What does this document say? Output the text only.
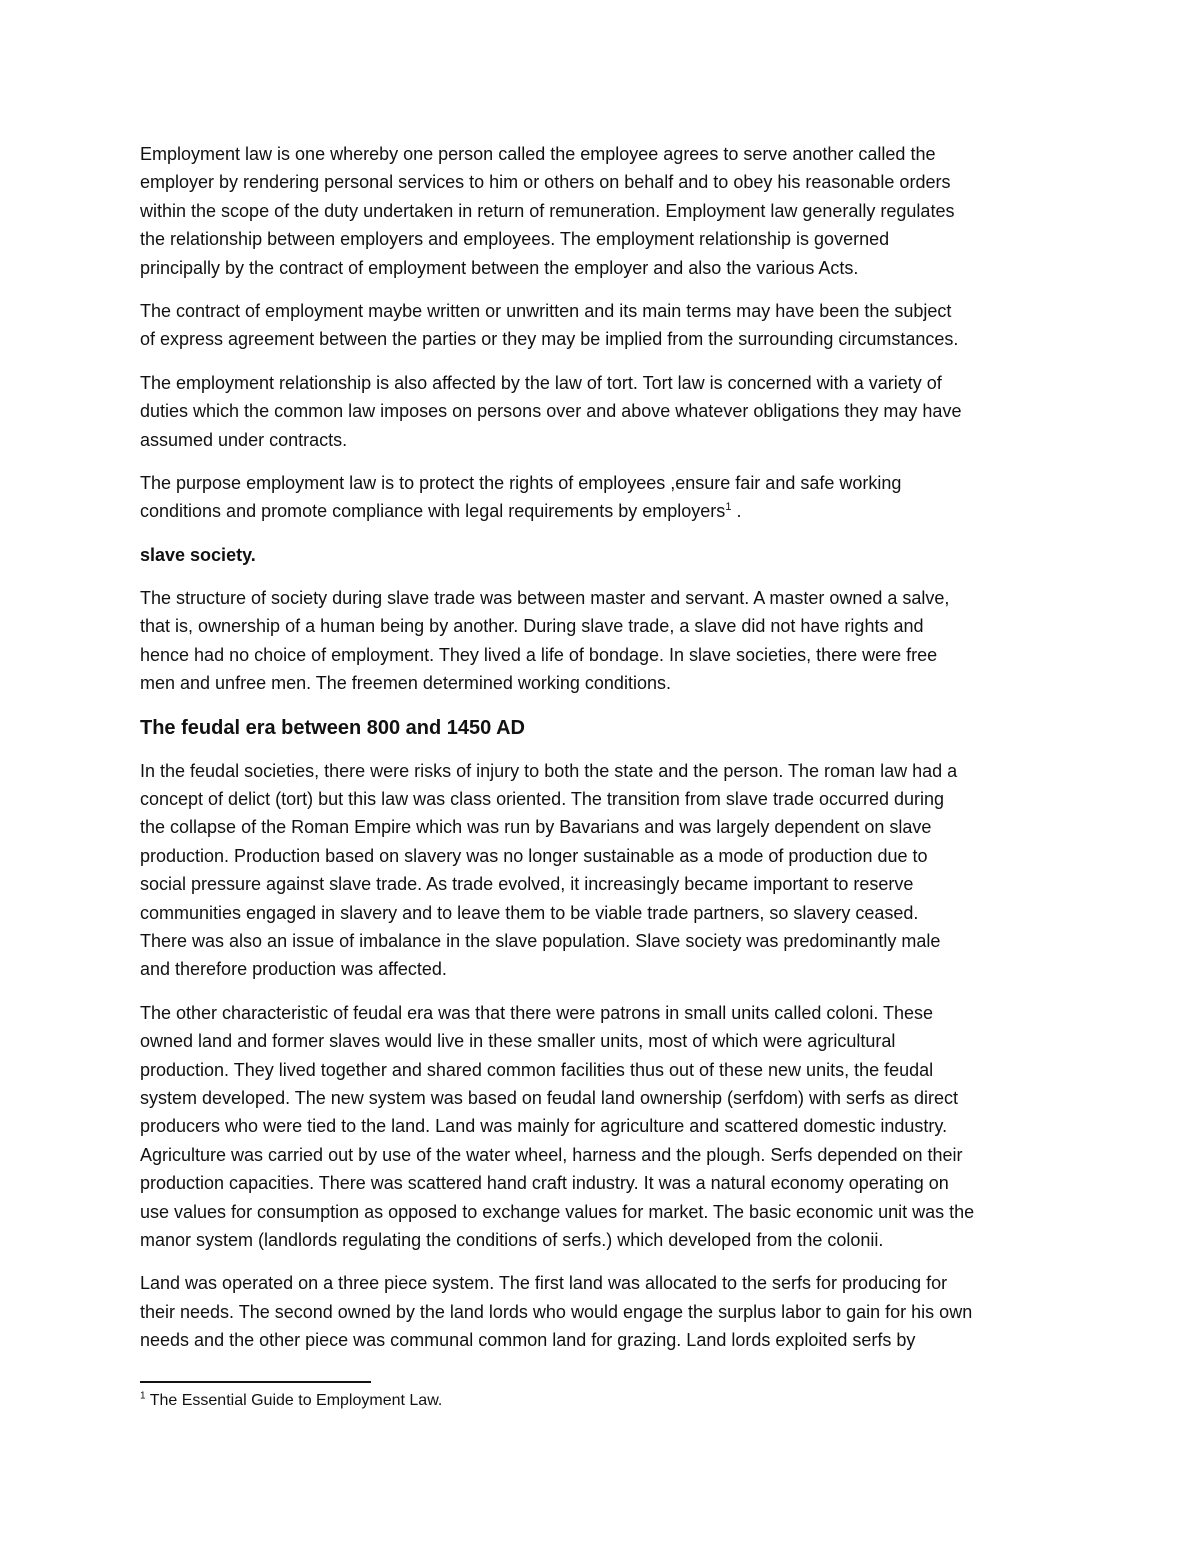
Employment law is one whereby one person called the employee agrees to serve another called the
employer by rendering personal services to him or others on behalf and to obey his reasonable orders
within the scope of the duty undertaken in return of remuneration. Employment law generally regulates
the relationship between employers and employees. The employment relationship is governed
principally by the contract of employment between the employer and also the various Acts.

The contract of employment maybe written or unwritten and its main terms may have been the subject
of express agreement between the parties or they may be implied from the surrounding circumstances.

The employment relationship is also affected by the law of tort. Tort law is concerned with a variety of
duties which the common law imposes on persons over and above whatever obligations they may have
assumed under contracts.

The purpose employment law is to protect the rights of employees ,ensure fair and safe working
conditions and promote compliance with legal requirements by employers$^1$ .

slave society.

The structure of society during slave trade was between master and servant. A master owned a salve,
that is, ownership of a human being by another. During slave trade, a slave did not have rights and
hence had no choice of employment. They lived a life of bondage. In slave societies, there were free
men and unfree men. The freemen determined working conditions.

The feudal era between 800 and 1450 AD

In the feudal societies, there were risks of injury to both the state and the person. The roman law had a
concept of delict (tort) but this law was class oriented. The transition from slave trade occurred during
the collapse of the Roman Empire which was run by Bavarians and was largely dependent on slave
production. Production based on slavery was no longer sustainable as a mode of production due to
social pressure against slave trade. As trade evolved, it increasingly became important to reserve
communities engaged in slavery and to leave them to be viable trade partners, so slavery ceased.
There was also an issue of imbalance in the slave population. Slave society was predominantly male
and therefore production was affected.

The other characteristic of feudal era was that there were patrons in small units called coloni. These
owned land and former slaves would live in these smaller units, most of which were agricultural
production. They lived together and shared common facilities thus out of these new units, the feudal
system developed. The new system was based on feudal land ownership (serfdom) with serfs as direct
producers who were tied to the land. Land was mainly for agriculture and scattered domestic industry.
Agriculture was carried out by use of the water wheel, harness and the plough. Serfs depended on their
production capacities. There was scattered hand craft industry. It was a natural economy operating on
use values for consumption as opposed to exchange values for market. The basic economic unit was the
manor system (landlords regulating the conditions of serfs.) which developed from the colonii.

Land was operated on a three piece system. The first land was allocated to the serfs for producing for
their needs. The second owned by the land lords who would engage the surplus labor to gain for his own
needs and the other piece was communal common land for grazing. Land lords exploited serfs by

$^1$ The Essential Guide to Employment Law.
